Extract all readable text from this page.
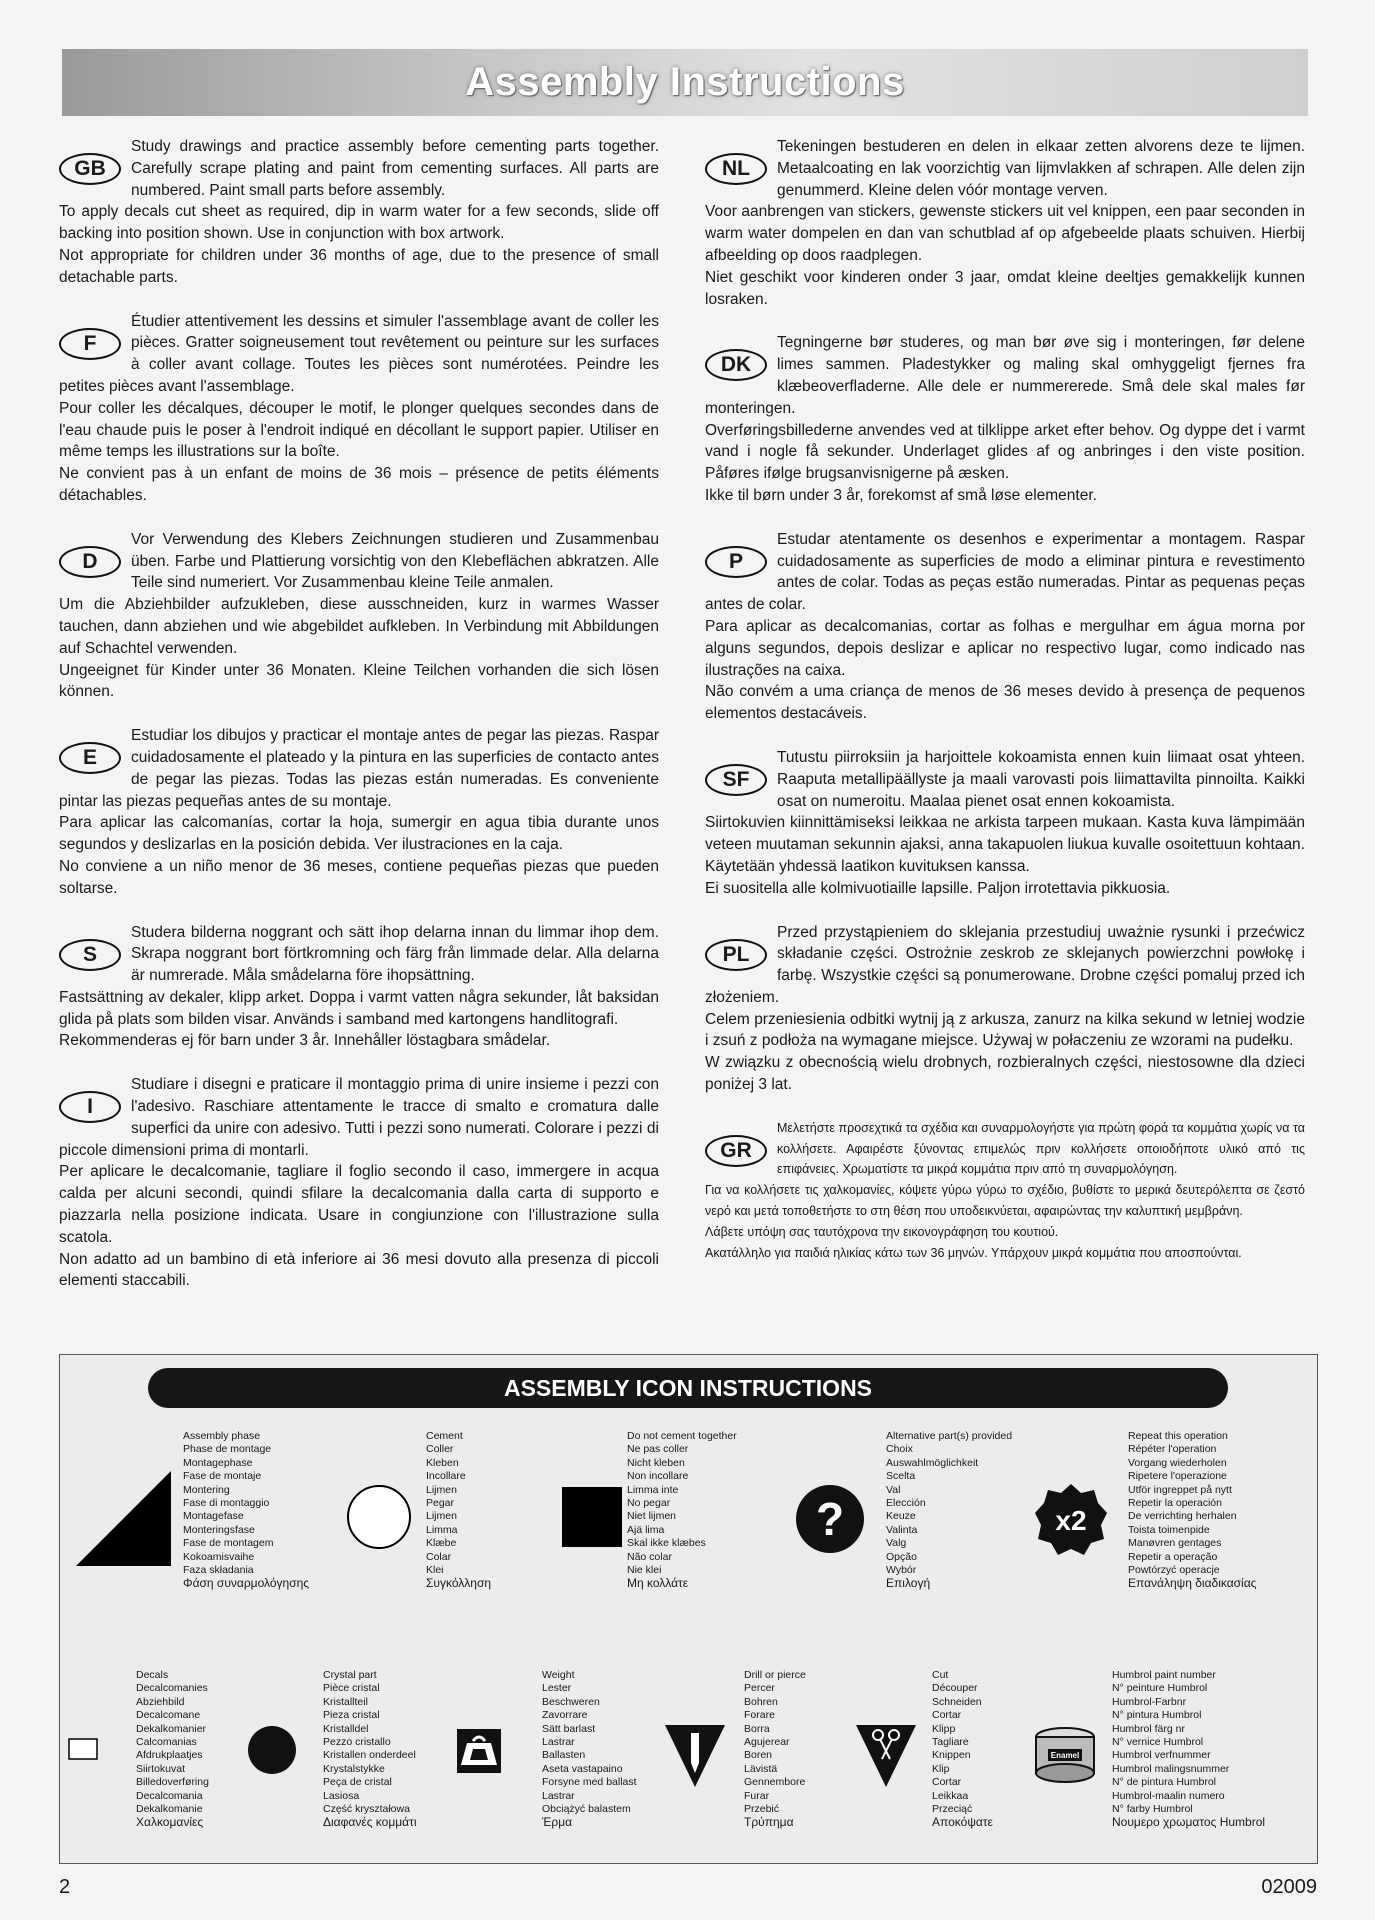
Assembly Instructions
GB

Study drawings and practice assembly before cementing parts together. Carefully scrape plating and paint from cementing surfaces. All parts are numbered. Paint small parts before assembly.

To apply decals cut sheet as required, dip in warm water for a few seconds, slide off backing into position shown. Use in conjunction with box artwork.

Not appropriate for children under 36 months of age, due to the presence of small detachable parts.

F

Étudier attentivement les dessins et simuler l'assemblage avant de coller les pièces. Gratter soigneusement tout revêtement ou peinture sur les surfaces à coller avant collage. Toutes les pièces sont numérotées. Peindre les petites pièces avant l'assemblage.

Pour coller les décalques, découper le motif, le plonger quelques secondes dans de l'eau chaude puis le poser à l'endroit indiqué en décollant le support papier. Utiliser en même temps les illustrations sur la boîte.

Ne convient pas à un enfant de moins de 36 mois – présence de petits éléments détachables.

D

Vor Verwendung des Klebers Zeichnungen studieren und Zusammenbau üben. Farbe und Plattierung vorsichtig von den Klebeflächen abkratzen. Alle Teile sind numeriert. Vor Zusammenbau kleine Teile anmalen.

Um die Abziehbilder aufzukleben, diese ausschneiden, kurz in warmes Wasser tauchen, dann abziehen und wie abgebildet aufkleben. In Verbindung mit Abbildungen auf Schachtel verwenden.

Ungeeignet für Kinder unter 36 Monaten. Kleine Teilchen vorhanden die sich lösen können.

E

Estudiar los dibujos y practicar el montaje antes de pegar las piezas. Raspar cuidadosamente el plateado y la pintura en las superficies de contacto antes de pegar las piezas. Todas las piezas están numeradas. Es conveniente pintar las piezas pequeñas antes de su montaje.

Para aplicar las calcomanías, cortar la hoja, sumergir en agua tibia durante unos segundos y deslizarlas en la posición debida. Ver ilustraciones en la caja.

No conviene a un niño menor de 36 meses, contiene pequeñas piezas que pueden soltarse.

S

Studera bilderna noggrant och sätt ihop delarna innan du limmar ihop dem. Skrapa noggrant bort förtkromning och färg från limmade delar. Alla delarna är numrerade. Måla smådelarna före ihopsättning.

Fastsättning av dekaler, klipp arket. Doppa i varmt vatten några sekunder, låt baksidan glida på plats som bilden visar. Används i samband med kartongens handlitografi.

Rekommenderas ej för barn under 3 år. Innehåller löstagbara smådelar.

I

Studiare i disegni e praticare il montaggio prima di unire insieme i pezzi con l'adesivo. Raschiare attentamente le tracce di smalto e cromatura dalle superfici da unire con adesivo. Tutti i pezzi sono numerati. Colorare i pezzi di piccole dimensioni prima di montarli.

Per aplicare le decalcomanie, tagliare il foglio secondo il caso, immergere in acqua calda per alcuni secondi, quindi sfilare la decalcomania dalla carta di supporto e piazzarla nella posizione indicata. Usare in congiunzione con l'illustrazione sulla scatola.

Non adatto ad un bambino di età inferiore ai 36 mesi dovuto alla presenza di piccoli elementi staccabili.

NL

Tekeningen bestuderen en delen in elkaar zetten alvorens deze te lijmen. Metaalcoating en lak voorzichtig van lijmvlakken af schrapen. Alle delen zijn genummerd. Kleine delen vóór montage verven.

Voor aanbrengen van stickers, gewenste stickers uit vel knippen, een paar seconden in warm water dompelen en dan van schutblad af op afgebeelde plaats schuiven. Hierbij afbeelding op doos raadplegen.

Niet geschikt voor kinderen onder 3 jaar, omdat kleine deeltjes gemakkelijk kunnen losraken.

DK

Tegningerne bør studeres, og man bør øve sig i monteringen, før delene limes sammen. Pladestykker og maling skal omhyggeligt fjernes fra klæbeoverfladerne. Alle dele er nummererede. Små dele skal males før monteringen.

Overføringsbillederne anvendes ved at tilklippe arket efter behov. Og dyppe det i varmt vand i nogle få sekunder. Underlaget glides af og anbringes i den viste position. Påføres ifølge brugsanvisnigerne på æsken.

Ikke til børn under 3 år, forekomst af små løse elementer.

P

Estudar atentamente os desenhos e experimentar a montagem. Raspar cuidadosamente as superficies de modo a eliminar pintura e revestimento antes de colar. Todas as peças estão numeradas. Pintar as pequenas peças antes de colar.

Para aplicar as decalcomanias, cortar as folhas e mergulhar em água morna por alguns segundos, depois deslizar e aplicar no respectivo lugar, como indicado nas ilustrações na caixa.

Não convém a uma criança de menos de 36 meses devido à presença de pequenos elementos destacáveis.

SF

Tutustu piirroksiin ja harjoittele kokoamista ennen kuin liimaat osat yhteen. Raaputa metallipäällyste ja maali varovasti pois liimattavilta pinnoilta. Kaikki osat on numeroitu. Maalaa pienet osat ennen kokoamista.

Siirtokuvien kiinnittämiseksi leikkaa ne arkista tarpeen mukaan. Kasta kuva lämpimään veteen muutaman sekunnin ajaksi, anna takapuolen liukua kuvalle osoitettuun kohtaan. Käytetään yhdessä laatikon kuvituksen kanssa.

Ei suositella alle kolmivuotiaille lapsille. Paljon irrotettavia pikkuosia.

PL

Przed przystąpieniem do sklejania przestudiuj uważnie rysunki i przećwicz składanie części. Ostrożnie zeskrob ze sklejanych powierzchni powłokę i farbę. Wszystkie części są ponumerowane. Drobne części pomaluj przed ich złożeniem.

Celem przeniesienia odbitki wytnij ją z arkusza, zanurz na kilka sekund w letniej wodzie i zsuń z podłoża na wymagane miejsce. Używaj w połaczeniu ze wzorami na pudełku.

W związku z obecnością wielu drobnych, rozbieralnych części, niestosowne dla dzieci poniżej 3 lat.

GR

Μελετήστε προσεχτικά τα σχέδια και συναρμολογήστε για πρώτη φορά τα κομμάτια χωρίς να τα κολλήσετε. Αφαιρέστε ξύνοντας επιμελώς πριν κολλήσετε οποιοδήποτε υλικό από τις επιφάνειες. Χρωματίστε τα μικρά κομμάτια πριν από τη συναρμολόγηση.

Για να κολλήσετε τις χαλκομανίες, κόψετε γύρω γύρω το σχέδιο, βυθίστε το μερικά δευτερόλεπτα σε ζεστό νερό και μετά τοποθετήστε το στη θέση που υποδεικνύεται, αφαιρώντας την καλυπτική μεμβράνη.

Λάβετε υπόψη σας ταυτόχρονα την εικονογράφηση του κουτιού.

Ακατάλληλο για παιδιά ηλικίας κάτω των 36 μηνών. Υπάρχουν μικρά κομμάτια που αποσπούνται.

ASSEMBLY ICON INSTRUCTIONS
?	x2
Assembly phase
Phase de montage
Montagephase
Fase de montaje
Montering
Fase di montaggio
Montagefase
Monteringsfase
Fase de montagem
Kokoamisvaihe
Faza składania
Φάση συναρμολόγησης
Cement
Coller
Kleben
Incollare
Lijmen
Pegar
Lijmen
Limma
Klæbe
Colar
Klei
Συγκόλληση
Do not cement together
Ne pas coller
Nicht kleben
Non incollare
Limma inte
No pegar
Niet lijmen
Ajä lima
Skal ikke klæbes
Não colar
Nie klei
Μη κολλάτε
Alternative part(s) provided
Choix
Auswahlmöglichkeit
Scelta
Val
Elección
Keuze
Valinta
Valg
Opção
Wybór
Επιλογή
Repeat this operation
Répéter l'operation
Vorgang wiederholen
Ripetere l'operazione
Utför ingreppet på nytt
Repetir la operación
De verrichting herhalen
Toista toimenpide
Manøvren gentages
Repetir a operação
Powtórzyć operacje
Επανάληψη διαδικασίας
Enamel
Decals
Decalcomanies
Abziehbild
Decalcomane
Dekalkomanier
Calcomanias
Afdrukplaatjes
Siirtokuvat
Billedoverføring
Decalcomania
Dekalkomanie
Χαλκομανίες
Crystal part
Pièce cristal
Kristallteil
Pieza cristal
Kristalldel
Pezzo cristallo
Kristallen onderdeel
Krystalstykke
Peça de cristal
Lasiosa
Część kryształowa
Διαφανές κομμάτι
Weight
Lester
Beschweren
Zavorrare
Sätt barlast
Lastrar
Ballasten
Aseta vastapaino
Forsyne med ballast
Lastrar
Obciążyć balastem
Έρμα
Drill or pierce
Percer
Bohren
Forare
Borra
Agujerear
Boren
Lävistä
Gennembore
Furar
Przebić
Τρύπημα
Cut
Découper
Schneiden
Cortar
Klipp
Tagliare
Knippen
Klip
Cortar
Leikkaa
Przeciąć
Αποκόψατε
Humbrol paint number
N° peinture Humbrol
Humbrol-Farbnr
N° pintura Humbrol
Humbrol färg nr
N° vernice Humbrol
Humbrol verfnummer
Humbrol malingsnummer
N° de pintura Humbrol
Humbrol-maalin numero
N° farby Humbrol
Νουμερο χρωματος Humbrol
2	02009
